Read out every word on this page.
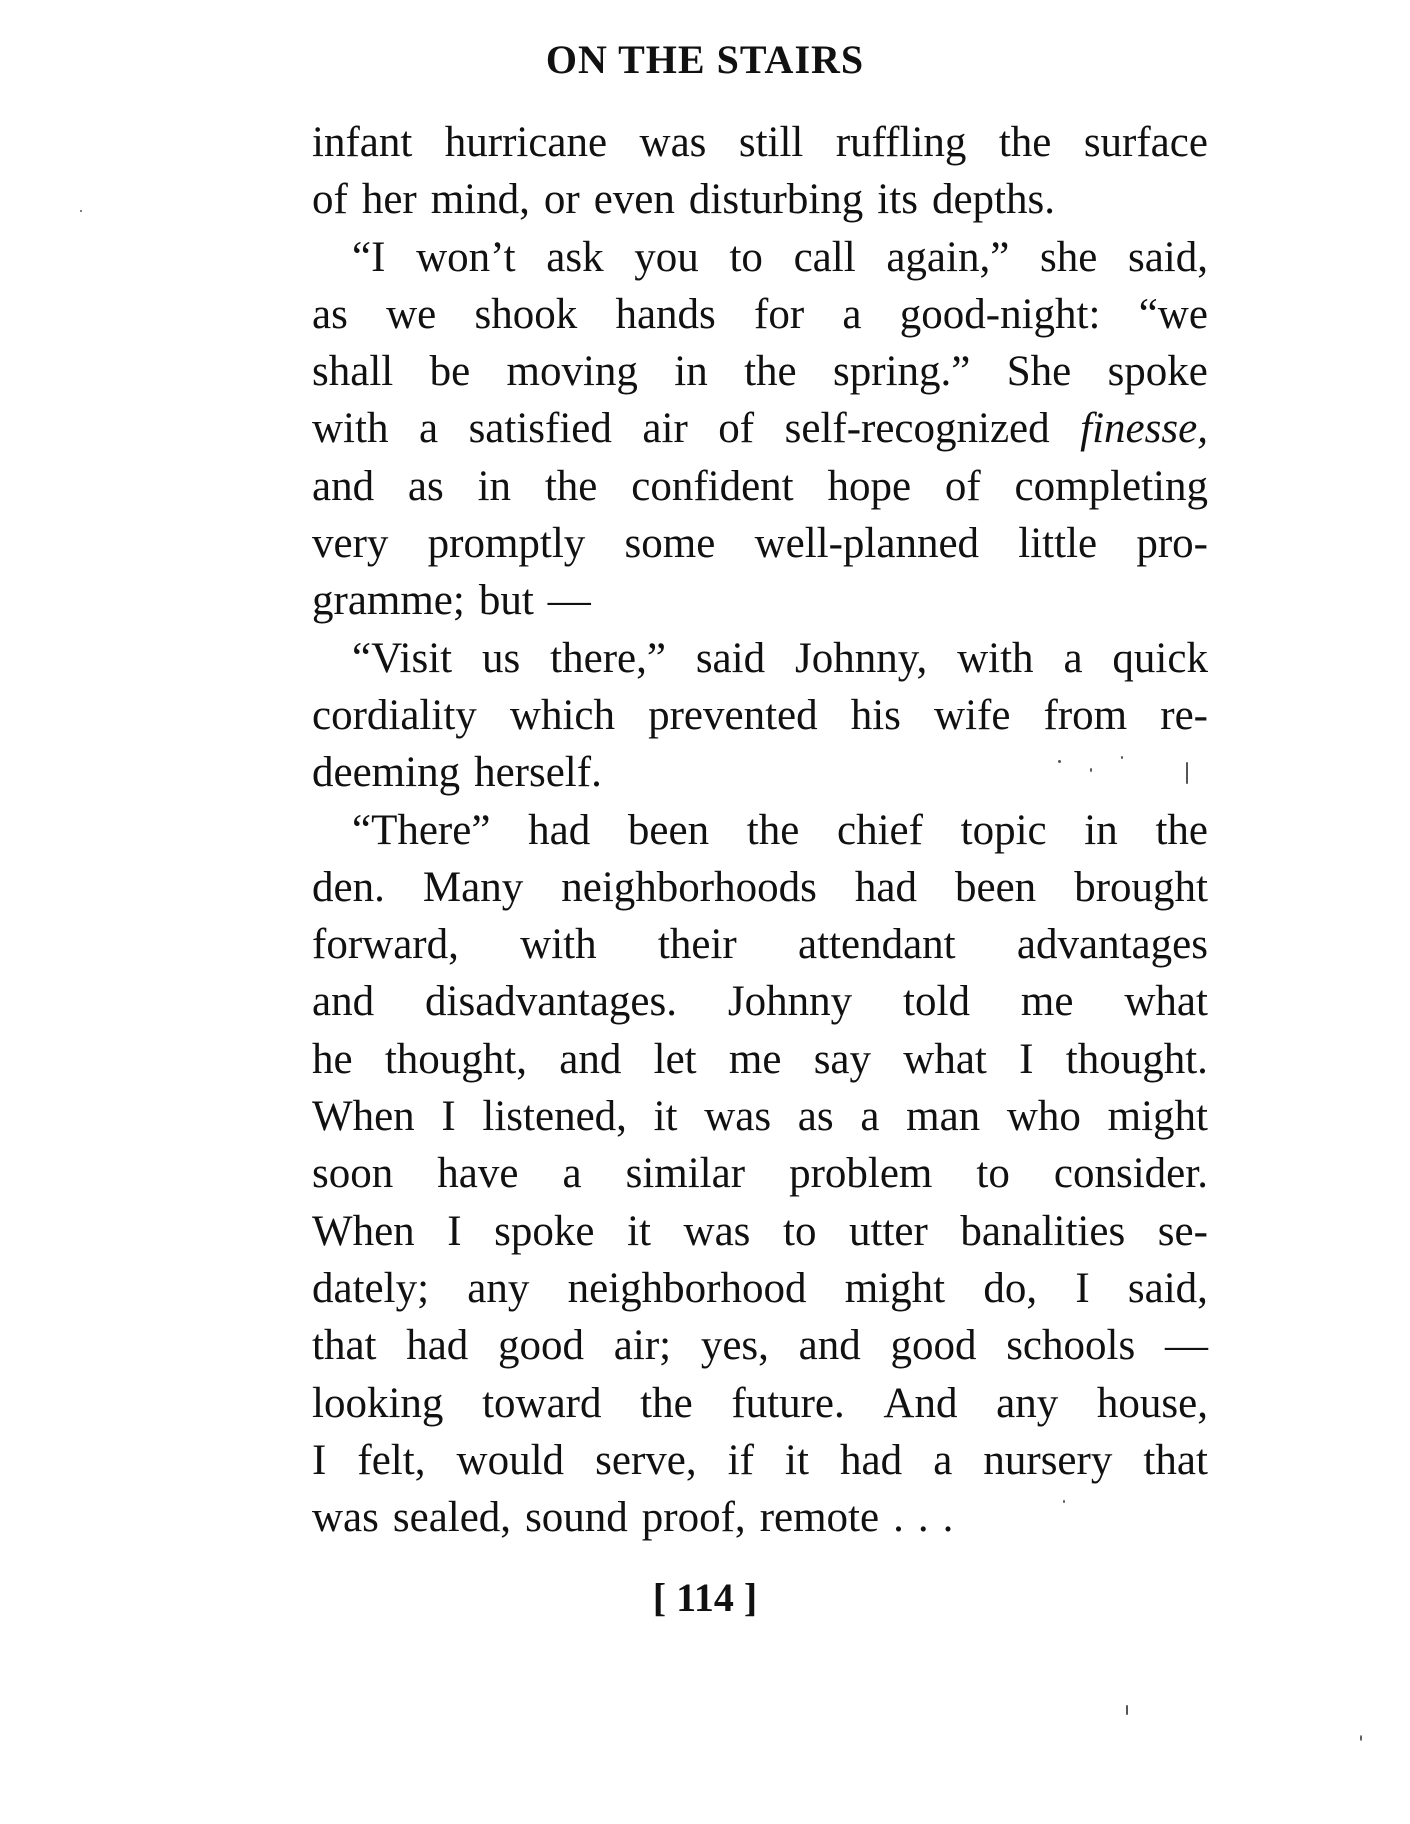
ON THE STAIRS
infant hurricane was still ruffling the surface
of her mind, or even disturbing its depths.
“I won’t ask you to call again,” she said,
as we shook hands for a good-night: “we
shall be moving in the spring.” She spoke
with a satisfied air of self-recognized finesse,
and as in the confident hope of completing
very promptly some well-planned little pro-
gramme; but —
“Visit us there,” said Johnny, with a quick
cordiality which prevented his wife from re-
deeming herself.
“There” had been the chief topic in the
den. Many neighborhoods had been brought
forward, with their attendant advantages
and disadvantages. Johnny told me what
he thought, and let me say what I thought.
When I listened, it was as a man who might
soon have a similar problem to consider.
When I spoke it was to utter banalities se-
dately; any neighborhood might do, I said,
that had good air; yes, and good schools —
looking toward the future. And any house,
I felt, would serve, if it had a nursery that
was sealed, sound proof, remote . . .
[ 114 ]
